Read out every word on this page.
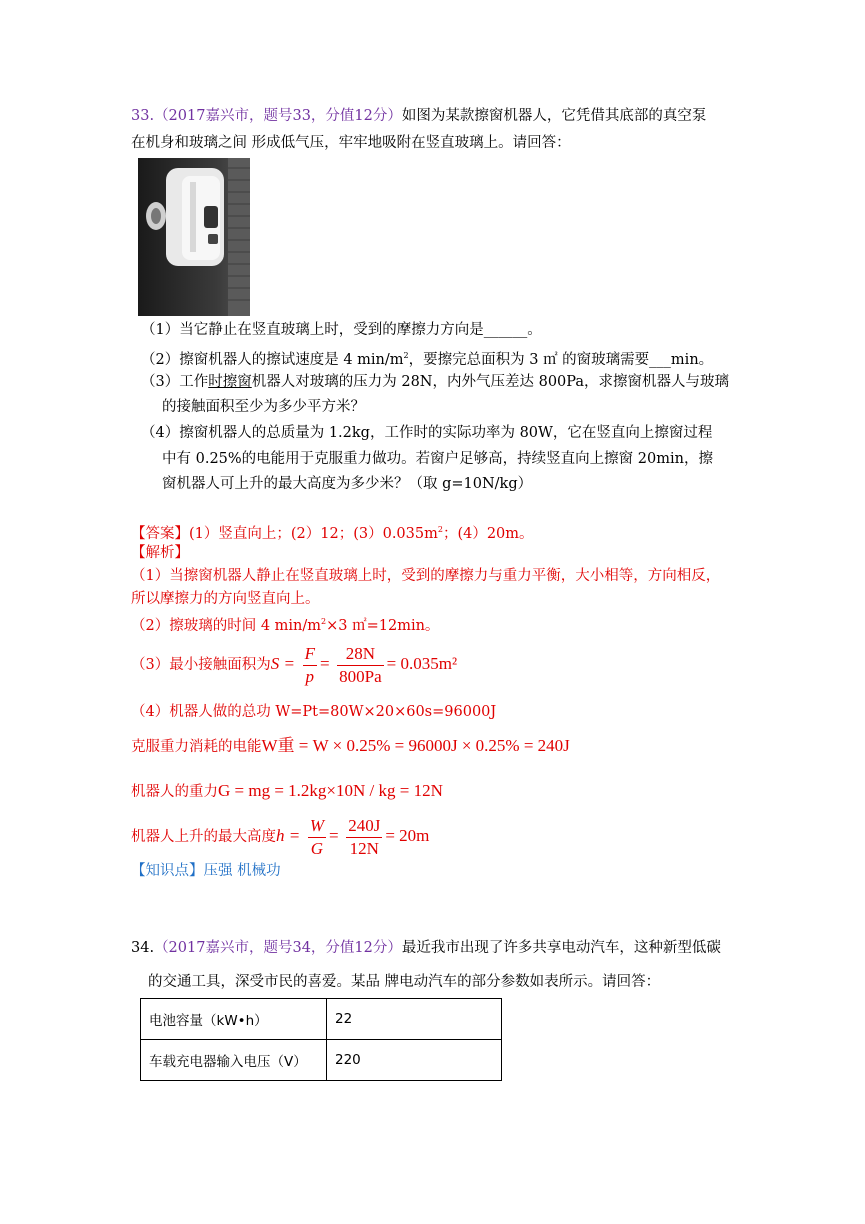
33.（2017嘉兴市，题号33，分值12分）如图为某款擦窗机器人，它凭借其底部的真空泵
在机身和玻璃之间 形成低气压，牢牢地吸附在竖直玻璃上。请回答：
（1）当它静止在竖直玻璃上时，受到的摩擦力方向是______。
（2）擦窗机器人的擦试速度是 4 $\min/m^2$，要擦完总面积为 3 ㎡ 的窗玻璃需要___min。
（3）工作时擦窗机器人对玻璃的压力为 28N，内外气压差达 800Pa，求擦窗机器人与玻璃
的接触面积至少为多少平方米？
（4）擦窗机器人的总质量为 1.2kg，工作时的实际功率为 80W，它在竖直向上擦窗过程
中有 0.25%的电能用于克服重力做功。若窗户足够高，持续竖直向上擦窗 20min，擦
窗机器人可上升的最大高度为多少米？（取 g=10N/kg）
【答案】(1）竖直向上；(2）12；$(3)0.035m^2$；(4）20m。
【解析】
（1）当擦窗机器人静止在竖直玻璃上时，受到的摩擦力与重力平衡，大小相等，方向相反，
所以摩擦力的方向竖直向上。
（2）擦玻璃的时间 4 $\min/m^2\times 3$ ㎡=12min。
（3）最小接触面积为$S = \frac{F}{p} = \frac{28N}{800Pa} = 0.035m^2$
（4）机器人做的总功 W=Pt=80W×20×60s=96000J
克服重力消耗的电能W重 = W × 0.25% = 96000J × 0.25% = 240J
机器人的重力G = mg = 1.2kg×10N / kg = 12N
机器人上升的最大高度$h = \frac{W}{G} = \frac{240J}{12N} = 20m$
【知识点】压强 机械功
34.（2017嘉兴市，题号34，分值12分）最近我市出现了许多共享电动汽车，这种新型低碳
的交通工具，深受市民的喜爱。某品 牌电动汽车的部分参数如表所示。请回答：
电池容量（kW•h）	22
车载充电器输入电压（V）	220
